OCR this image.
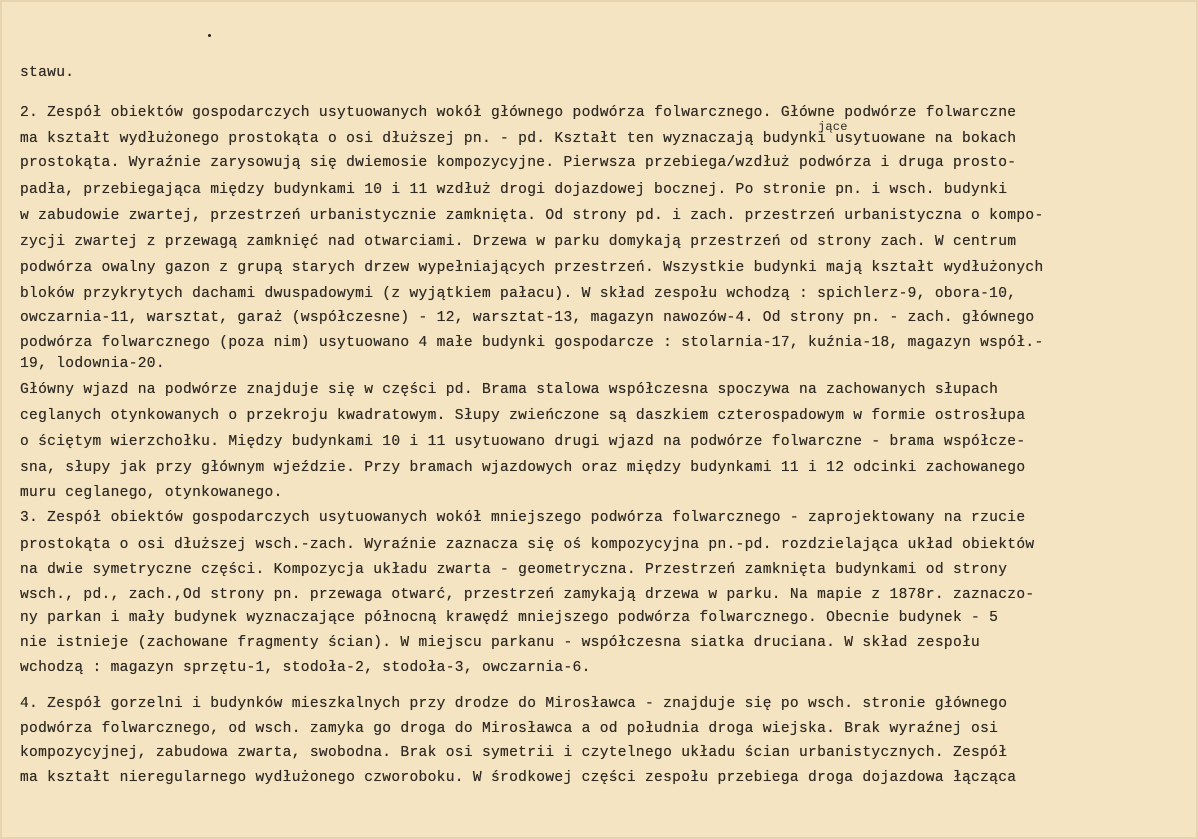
stawu.
2. Zespół obiektów gospodarczych usytuowanych wokół głównego podwórza folwarcznego. Główne podwórze folwarczne
jące
ma kształt wydłużonego prostokąta o osi dłuższej pn. - pd. Kształt ten wyznaczają budynki usytuowane na bokach
prostokąta. Wyraźnie zarysowują się dwiemosie kompozycyjne. Pierwsza przebiega/wzdłuż podwórza i druga prosto-
padła, przebiegająca między budynkami 10 i 11 wzdłuż drogi dojazdowej bocznej. Po stronie pn. i wsch. budynki
w zabudowie zwartej, przestrzeń urbanistycznie zamknięta. Od strony pd. i zach. przestrzeń urbanistyczna o kompo-
zycji zwartej z przewagą zamknięć nad otwarciami. Drzewa w parku domykają przestrzeń od strony zach. W centrum
podwórza owalny gazon z grupą starych drzew wypełniających przestrzeń. Wszystkie budynki mają kształt wydłużonych
bloków przykrytych dachami dwuspadowymi (z wyjątkiem pałacu). W skład zespołu wchodzą : spichlerz-9, obora-10,
owczarnia-11, warsztat, garaż (współczesne) - 12, warsztat-13, magazyn nawozów-4. Od strony pn. - zach. głównego
podwórza folwarcznego (poza nim) usytuowano 4 małe budynki gospodarcze : stolarnia-17, kuźnia-18, magazyn współ.-
19, lodownia-20.
Główny wjazd na podwórze znajduje się w części pd. Brama stalowa współczesna spoczywa na zachowanych słupach
ceglanych otynkowanych o przekroju kwadratowym. Słupy zwieńczone są daszkiem czterospadowym w formie ostrosłupa
o ściętym wierzchołku. Między budynkami 10 i 11 usytuowano drugi wjazd na podwórze folwarczne - brama współcze-
sna, słupy jak przy głównym wjeździe. Przy bramach wjazdowych oraz między budynkami 11 i 12 odcinki zachowanego
muru ceglanego, otynkowanego.
3. Zespół obiektów gospodarczych usytuowanych wokół mniejszego podwórza folwarcznego - zaprojektowany na rzucie
prostokąta o osi dłuższej wsch.-zach. Wyraźnie zaznacza się oś kompozycyjna pn.-pd. rozdzielająca układ obiektów
na dwie symetryczne części. Kompozycja układu zwarta - geometryczna. Przestrzeń zamknięta budynkami od strony
wsch., pd., zach.,Od strony pn. przewaga otwarć, przestrzeń zamykają drzewa w parku. Na mapie z 1878r. zaznaczo-
ny parkan i mały budynek wyznaczające północną krawędź mniejszego podwórza folwarcznego. Obecnie budynek - 5
nie istnieje (zachowane fragmenty ścian). W miejscu parkanu - współczesna siatka druciana. W skład zespołu
wchodzą : magazyn sprzętu-1, stodoła-2, stodoła-3, owczarnia-6.
4. Zespół gorzelni i budynków mieszkalnych przy drodze do Mirosławca - znajduje się po wsch. stronie głównego
podwórza folwarcznego, od wsch. zamyka go droga do Mirosławca a od południa droga wiejska. Brak wyraźnej osi
kompozycyjnej, zabudowa zwarta, swobodna. Brak osi symetrii i czytelnego układu ścian urbanistycznych. Zespół
ma kształt nieregularnego wydłużonego czworoboku. W środkowej części zespołu przebiega droga dojazdowa łącząca
